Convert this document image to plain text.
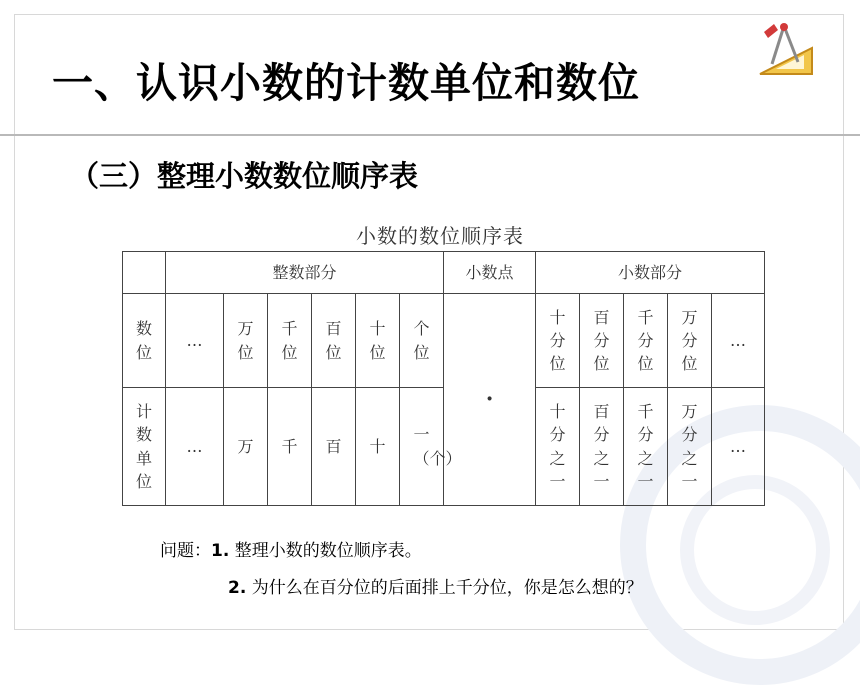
一、认识小数的计数单位和数位
（三）整理小数数位顺序表
小数的数位顺序表
	整数部分						小数点	小数部分				
数位	…	万位	千位	百位	十位	个位	·	十分位	百分位	千分位	万分位	…
计数单位	…	万	千	百	十	一（个）		十分之一	百分之一	千分之一	万分之一	…
问题：1. 整理小数的数位顺序表。
2. 为什么在百分位的后面排上千分位，你是怎么想的？
